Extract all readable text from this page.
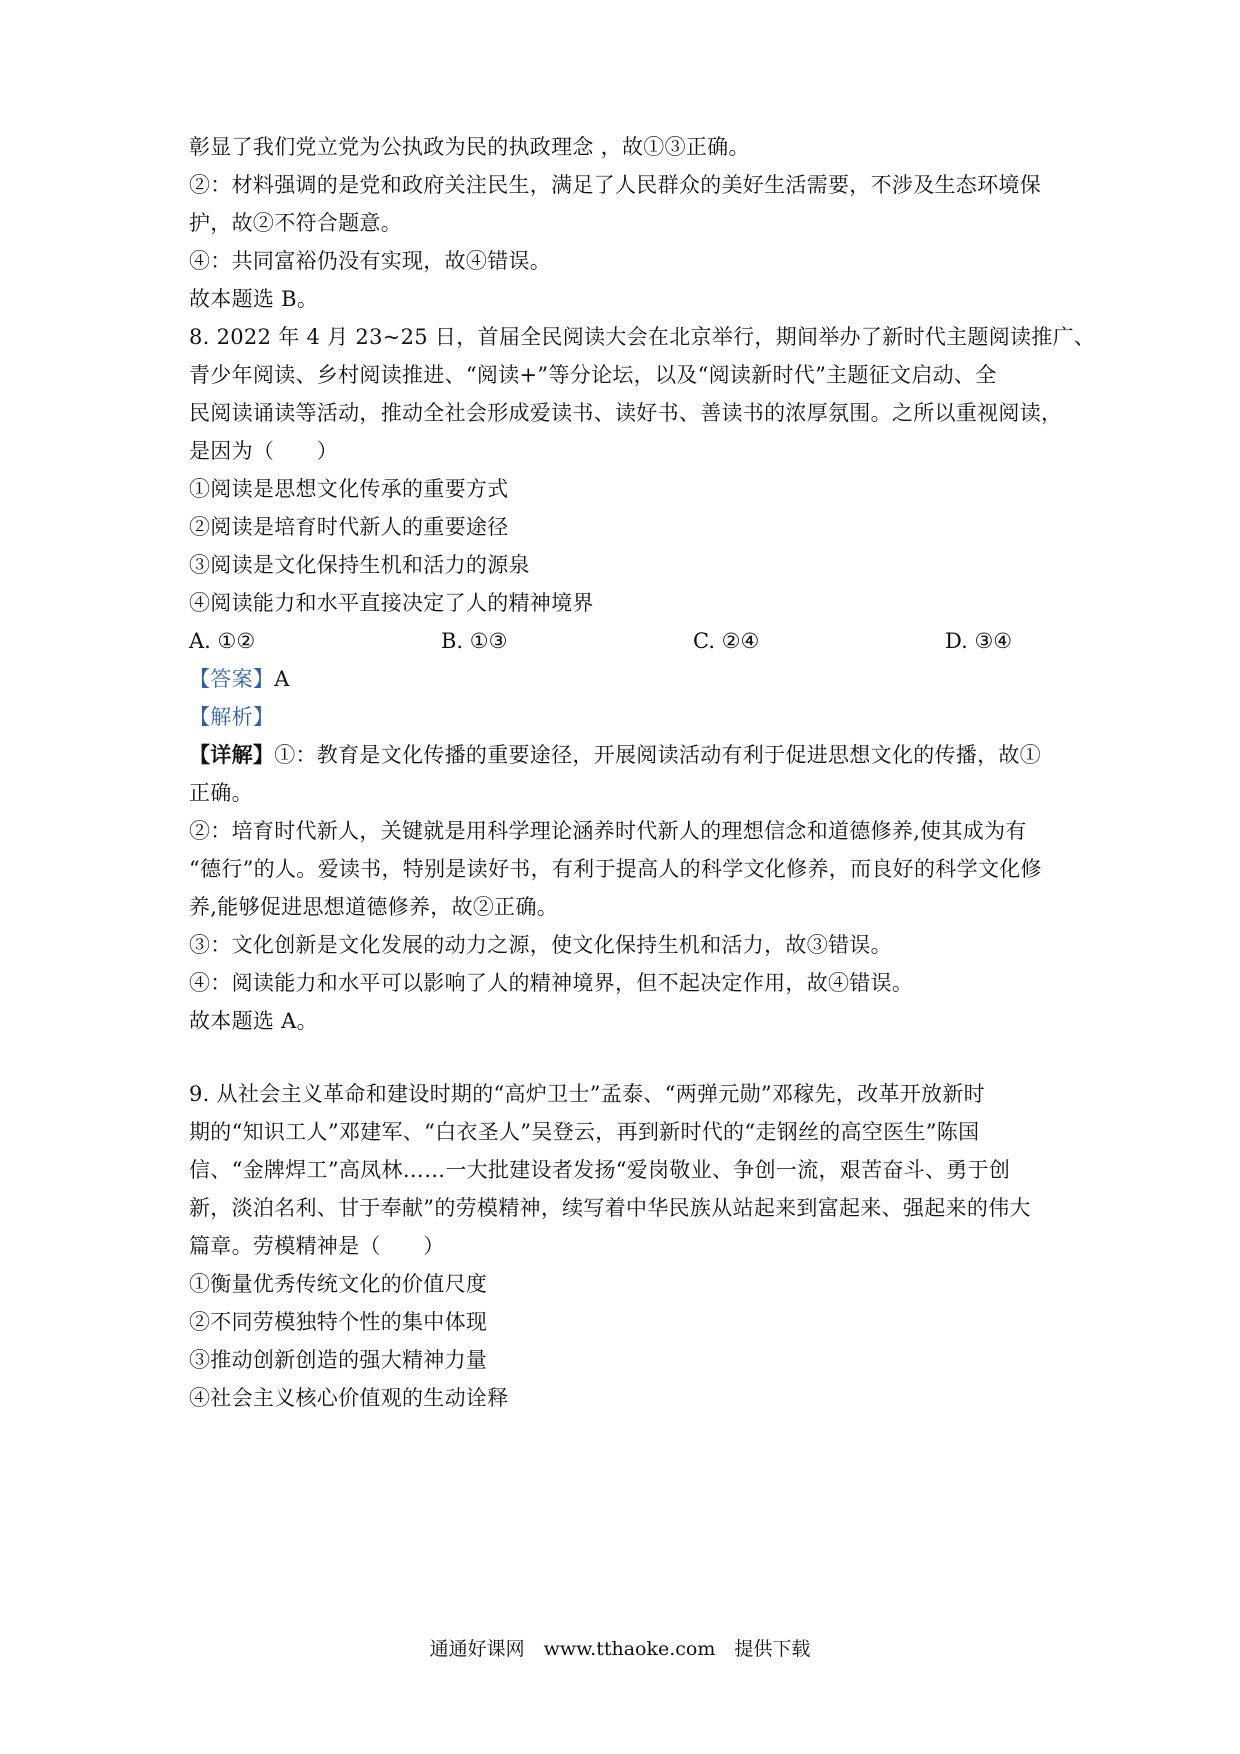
彰显了我们党立党为公执政为民的执政理念 ，故①③正确。
②：材料强调的是党和政府关注民生，满足了人民群众的美好生活需要，不涉及生态环境保
护，故②不符合题意。
④：共同富裕仍没有实现，故④错误。
故本题选 B。
8. 2022 年 4 月 23~25 日，首届全民阅读大会在北京举行，期间举办了新时代主题阅读推广、
青少年阅读、乡村阅读推进、“阅读+”等分论坛，以及“阅读新时代”主题征文启动、全
民阅读诵读等活动，推动全社会形成爱读书、读好书、善读书的浓厚氛围。之所以重视阅读，
是因为（　　）
①阅读是思想文化传承的重要方式
②阅读是培育时代新人的重要途径
③阅读是文化保持生机和活力的源泉
④阅读能力和水平直接决定了人的精神境界
A. ①②	B. ①③	C. ②④	D. ③④
【答案】A
【解析】
【详解】①：教育是文化传播的重要途径，开展阅读活动有利于促进思想文化的传播，故①
正确。
②：培育时代新人，关键就是用科学理论涵养时代新人的理想信念和道德修养,使其成为有
“德行”的人。爱读书，特别是读好书，有利于提高人的科学文化修养，而良好的科学文化修
养,能够促进思想道德修养，故②正确。
③：文化创新是文化发展的动力之源，使文化保持生机和活力，故③错误。
④：阅读能力和水平可以影响了人的精神境界，但不起决定作用，故④错误。
故本题选 A。
9. 从社会主义革命和建设时期的“高炉卫士”孟泰、“两弹元勋”邓稼先，改革开放新时
期的“知识工人”邓建军、“白衣圣人”吴登云，再到新时代的“走钢丝的高空医生”陈国
信、“金牌焊工”高凤林……一大批建设者发扬“爱岗敬业、争创一流，艰苦奋斗、勇于创
新，淡泊名利、甘于奉献”的劳模精神，续写着中华民族从站起来到富起来、强起来的伟大
篇章。劳模精神是（　　）
①衡量优秀传统文化的价值尺度
②不同劳模独特个性的集中体现
③推动创新创造的强大精神力量
④社会主义核心价值观的生动诠释
通通好课网　www.tthaoke.com　提供下载
